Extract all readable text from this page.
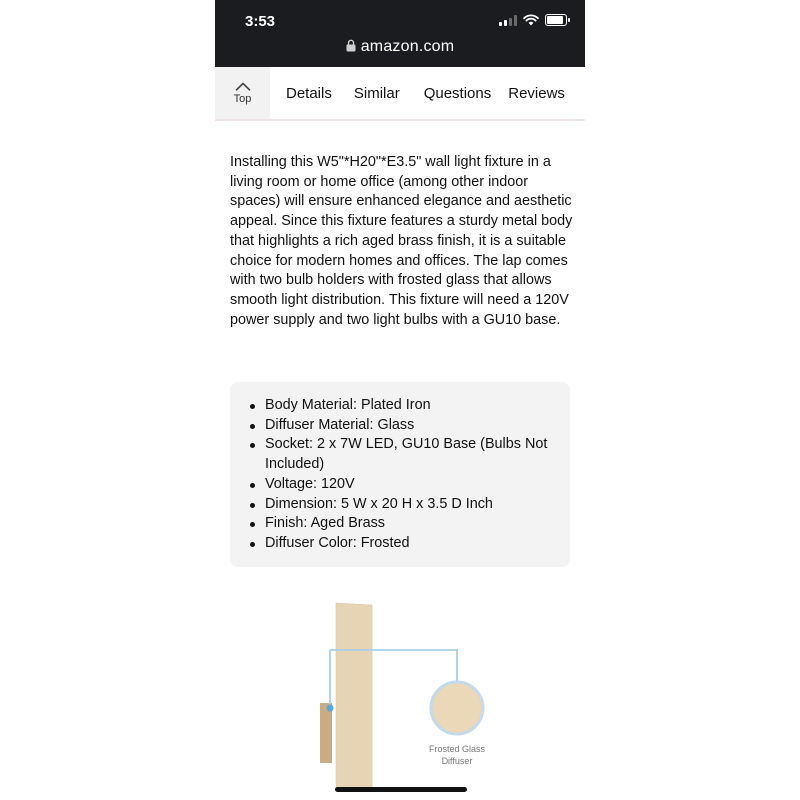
3:53
amazon.com
Top Details Similar Questions Reviews
Installing this W5"*H20"*E3.5" wall light fixture in a living room or home office (among other indoor spaces) will ensure enhanced elegance and aesthetic appeal. Since this fixture features a sturdy metal body that highlights a rich aged brass finish, it is a suitable choice for modern homes and offices. The lap comes with two bulb holders with frosted glass that allows smooth light distribution. This fixture will need a 120V power supply and two light bulbs with a GU10 base.
Body Material: Plated Iron
Diffuser Material: Glass
Socket: 2 x 7W LED, GU10 Base (Bulbs Not Included)
Voltage: 120V
Dimension: 5 W x 20 H x 3.5 D Inch
Finish: Aged Brass
Diffuser Color: Frosted
Frosted Glass
Diffuser
